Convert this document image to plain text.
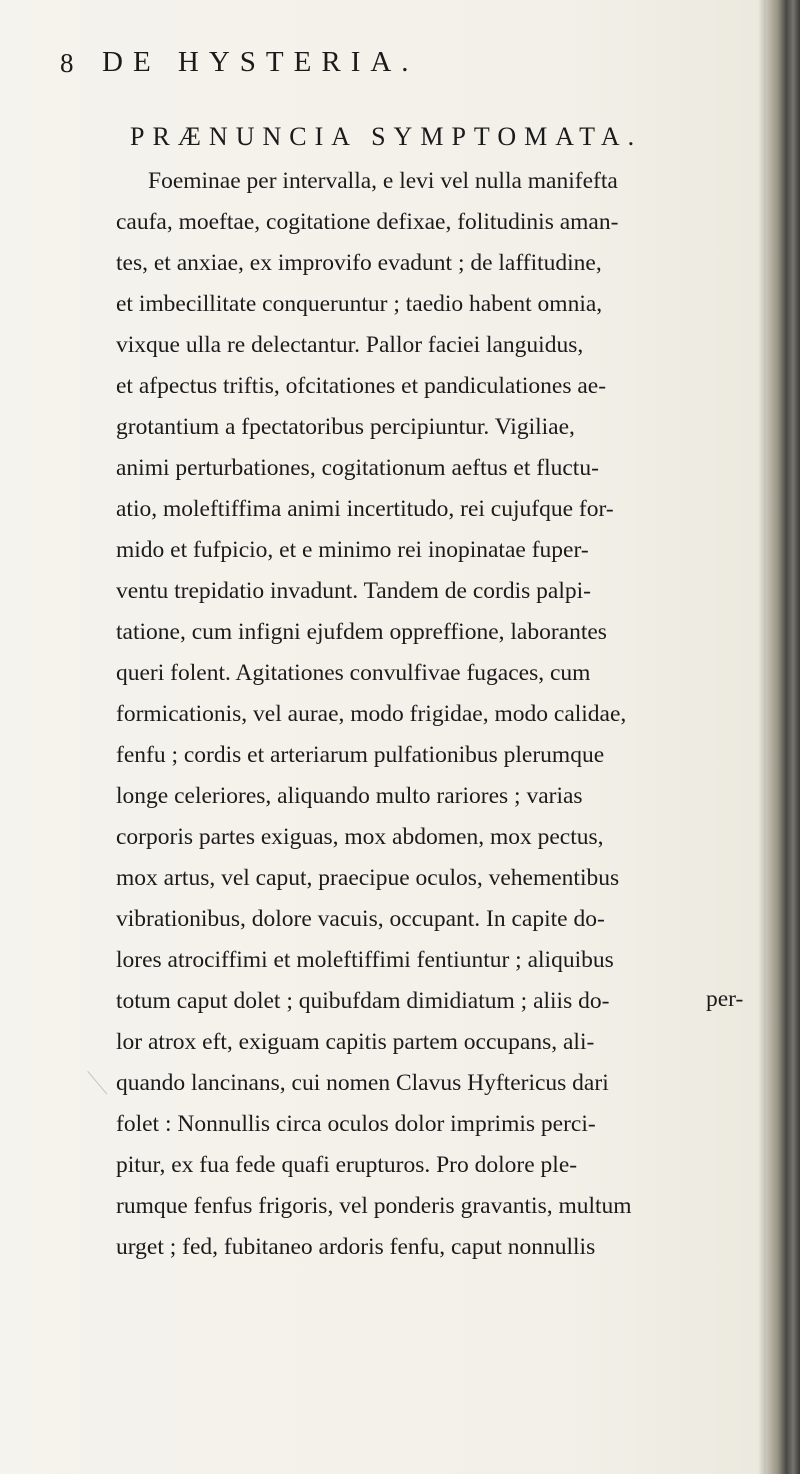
8 DE HYSTERIA.
PRÆNUNCIA SYMPTOMATA.
Foeminae per intervalla, e levi vel nulla manifefta
caufa, moeftae, cogitatione defixae, folitudinis aman-
tes, et anxiae, ex improvifo evadunt ; de laffitudine,
et imbecillitate conqueruntur ; taedio habent omnia,
vixque ulla re delectantur. Pallor faciei languidus,
et afpectus triftis, ofcitationes et pandiculationes ae-
grotantium a fpectatoribus percipiuntur. Vigiliae,
animi perturbationes, cogitationum aeftus et fluctu-
atio, moleftiffima animi incertitudo, rei cujufque for-
mido et fufpicio, et e minimo rei inopinatae fuper-
ventu trepidatio invadunt. Tandem de cordis palpi-
tatione, cum infigni ejufdem oppreffione, laborantes
queri folent. Agitationes convulfivae fugaces, cum
formicationis, vel aurae, modo frigidae, modo calidae,
fenfu ; cordis et arteriarum pulfationibus plerumque
longe celeriores, aliquando multo rariores ; varias
corporis partes exiguas, mox abdomen, mox pectus,
mox artus, vel caput, praecipue oculos, vehementibus
vibrationibus, dolore vacuis, occupant. In capite do-
lores atrociffimi et moleftiffimi fentiuntur ; aliquibus
totum caput dolet ; quibufdam dimidiatum ; aliis do-
lor atrox eft, exiguam capitis partem occupans, ali-
quando lancinans, cui nomen Clavus Hyftericus dari
folet : Nonnullis circa oculos dolor imprimis perci-
pitur, ex fua fede quafi erupturos. Pro dolore ple-
rumque fenfus frigoris, vel ponderis gravantis, multum
urget ; fed, fubitaneo ardoris fenfu, caput nonnullis
per-
